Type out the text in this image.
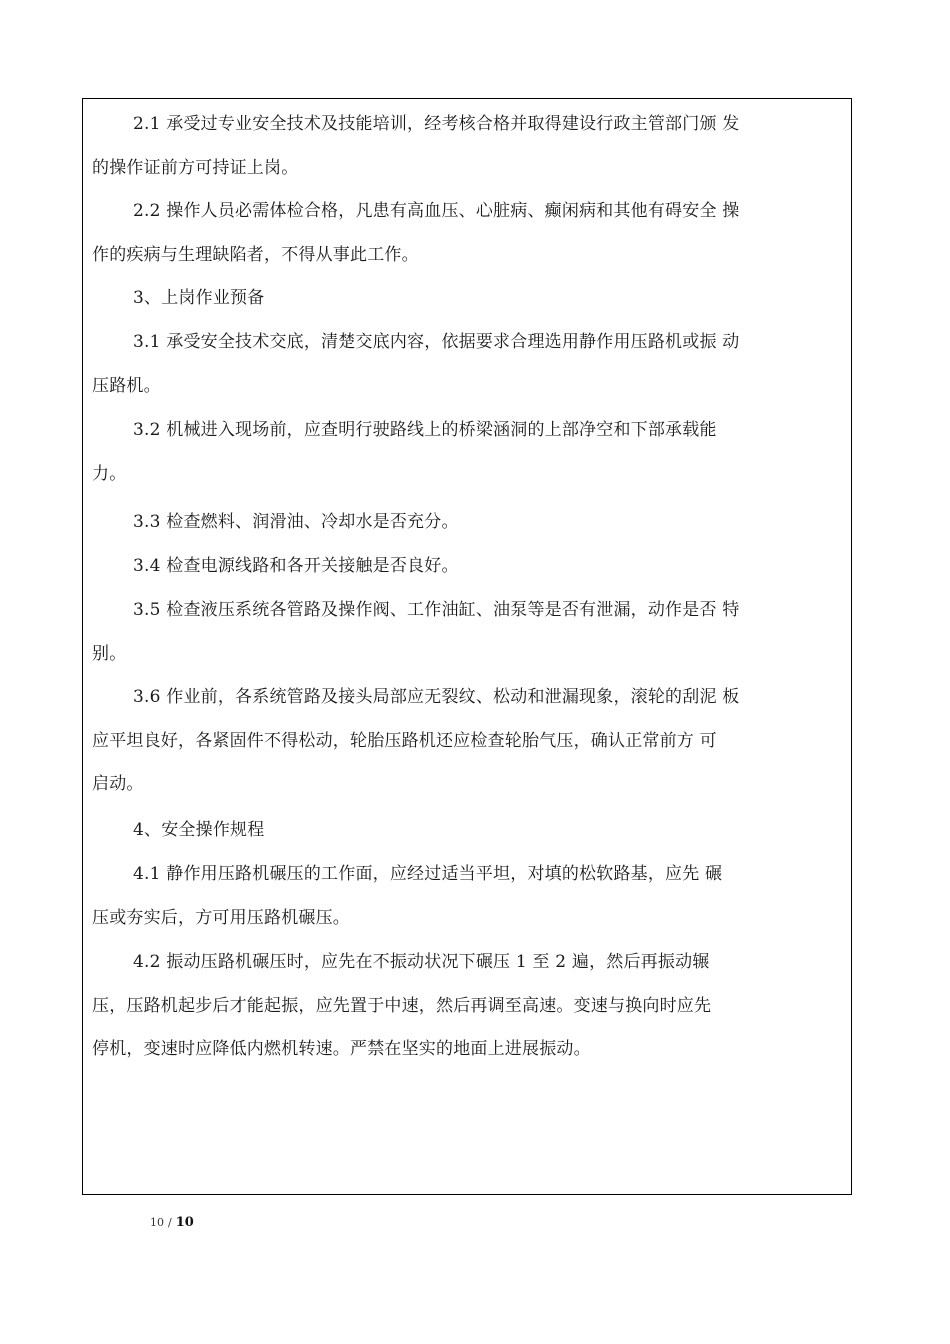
2.1 承受过专业安全技术及技能培训，经考核合格并取得建设行政主管部门颁 发
的操作证前方可持证上岗。

2.2 操作人员必需体检合格，凡患有高血压、心脏病、癫闲病和其他有碍安全 操
作的疾病与生理缺陷者，不得从事此工作。

3、上岗作业预备

3.1 承受安全技术交底，清楚交底内容，依据要求合理选用静作用压路机或振 动
压路机。

3.2 机械进入现场前，应查明行驶路线上的桥梁涵洞的上部净空和下部承载能
力。

3.3 检查燃料、润滑油、冷却水是否充分。

3.4 检查电源线路和各开关接触是否良好。

3.5 检查液压系统各管路及操作阀、工作油缸、油泵等是否有泄漏，动作是否 特
别。

3.6 作业前，各系统管路及接头局部应无裂纹、松动和泄漏现象，滚轮的刮泥 板
应平坦良好，各紧固件不得松动，轮胎压路机还应检查轮胎气压，确认正常前方 可
启动。

4、安全操作规程

4.1 静作用压路机碾压的工作面，应经过适当平坦，对填的松软路基，应先 碾
压或夯实后，方可用压路机碾压。

4.2 振动压路机碾压时，应先在不振动状况下碾压 1 至 2 遍，然后再振动辗
压，压路机起步后才能起振，应先置于中速，然后再调至高速。变速与换向时应先
停机，变速时应降低内燃机转速。严禁在坚实的地面上进展振动。

10 / 10
